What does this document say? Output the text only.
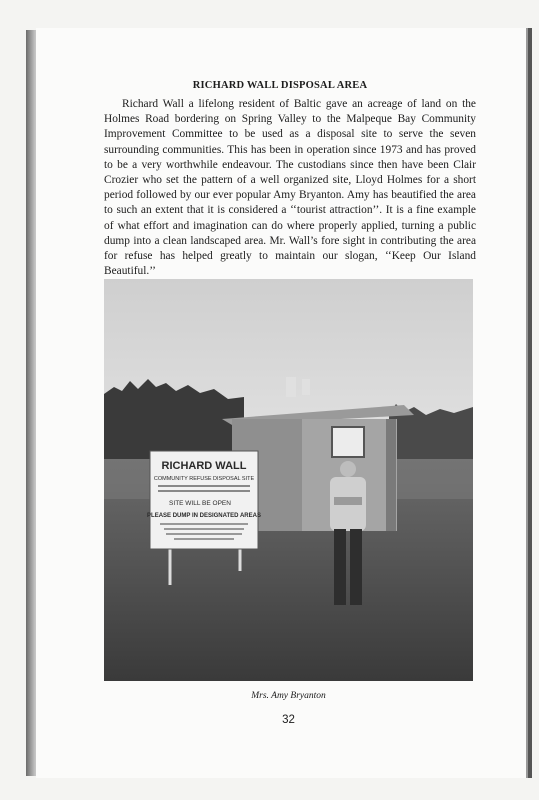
RICHARD WALL DISPOSAL AREA
Richard Wall a lifelong resident of Baltic gave an acreage of land on the Holmes Road bordering on Spring Valley to the Malpeque Bay Community Improvement Committee to be used as a disposal site to serve the seven surrounding communities. This has been in operation since 1973 and has proved to be a very worthwhile endeavour. The custodians since then have been Clair Crozier who set the pattern of a well organized site, Lloyd Holmes for a short period followed by our ever popular Amy Bryanton. Amy has beautified the area to such an extent that it is considered a ‘‘tourist attraction’’. It is a fine example of what effort and imagination can do where properly applied, turning a public dump into a clean landscaped area. Mr. Wall’s fore sight in contributing the area for refuse has helped greatly to maintain our slogan, ‘‘Keep Our Island Beautiful.’’
RICHARD WALL
COMMUNITY REFUSE DISPOSAL SITE
SITE WILL BE OPEN
PLEASE DUMP IN DESIGNATED AREAS
Mrs. Amy Bryanton
32
